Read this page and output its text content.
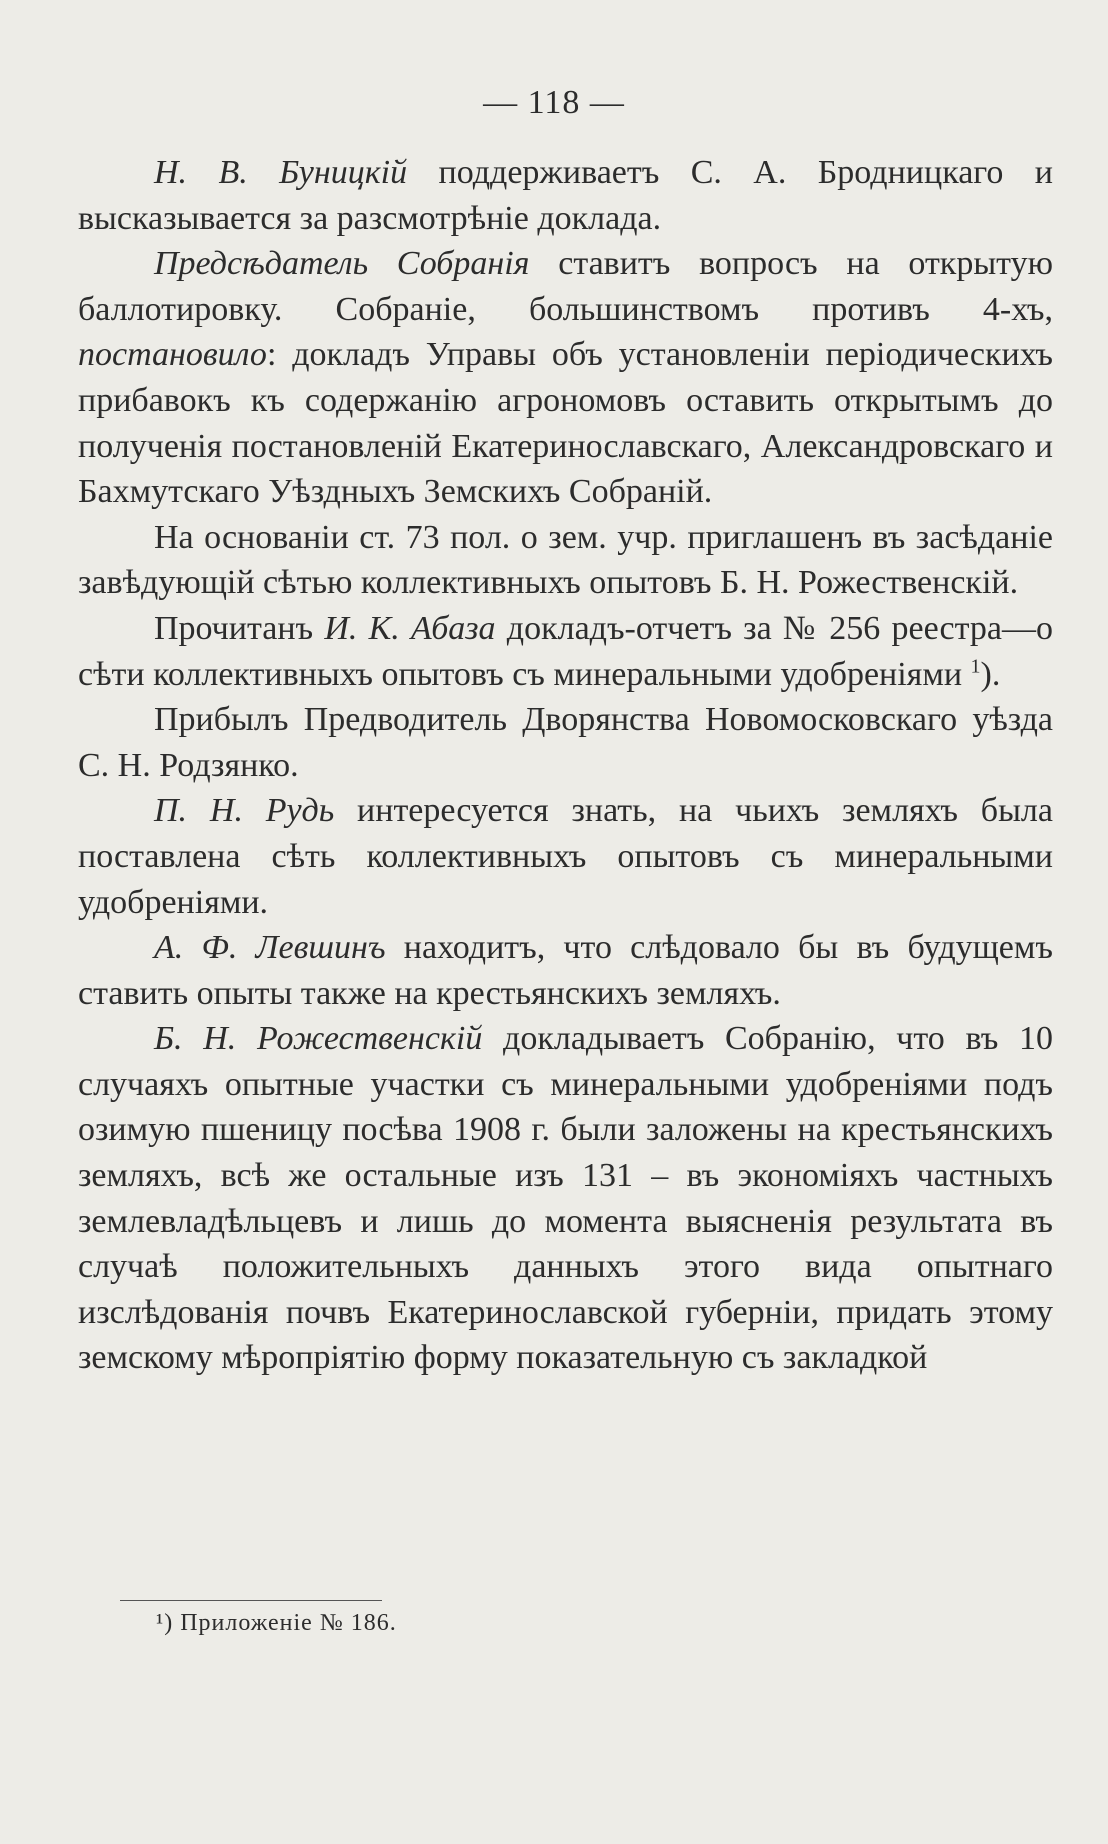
— 118 —

Н. В. Буницкій поддерживаетъ С. А. Бродницкаго и высказывается за разсмотрѣніе доклада.

Предсѣдатель Собранія ставитъ вопросъ на открытую баллотировку. Собраніе, большинствомъ противъ 4-хъ, постановило: докладъ Управы объ установленіи періодическихъ прибавокъ къ содержанію агрономовъ оставить открытымъ до полученія постановленій Екатеринославскаго, Александровскаго и Бахмутскаго Уѣздныхъ Земскихъ Собраній.

На основаніи ст. 73 пол. о зем. учр. приглашенъ въ засѣданіе завѣдующій сѣтью коллективныхъ опытовъ Б. Н. Рожественскій.

Прочитанъ И. К. Абаза докладъ-отчетъ за № 256 реестра—о сѣти коллективныхъ опытовъ съ минеральными удобреніями $^1$).

Прибылъ Предводитель Дворянства Новомосковскаго уѣзда С. Н. Родзянко.

П. Н. Рудь интересуется знать, на чьихъ земляхъ была поставлена сѣть коллективныхъ опытовъ съ минеральными удобреніями.

А. Ф. Левшинъ находитъ, что слѣдовало бы въ будущемъ ставить опыты также на крестьянскихъ земляхъ.

Б. Н. Рожественскій докладываетъ Собранію, что въ 10 случаяхъ опытные участки съ минеральными удобреніями подъ озимую пшеницу посѣва 1908 г. были заложены на крестьянскихъ земляхъ, всѣ же остальные изъ 131 – въ экономіяхъ частныхъ землевладѣльцевъ и лишь до момента выясненія результата въ случаѣ положительныхъ данныхъ этого вида опытнаго изслѣдованія почвъ Екатеринославской губерніи, придать этому земскому мѣропріятію форму показательную съ закладкой

¹) Приложеніе № 186.
